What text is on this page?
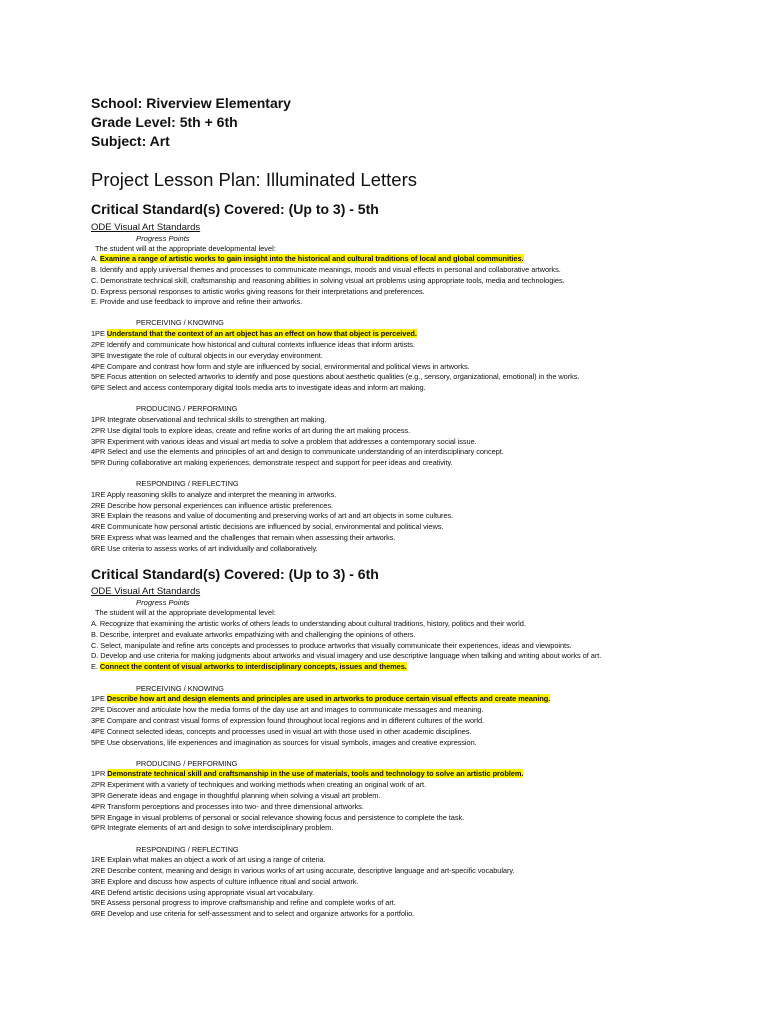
School: Riverview Elementary
Grade Level: 5th + 6th
Subject: Art
Project Lesson Plan: Illuminated Letters
Critical Standard(s) Covered: (Up to 3) - 5th
ODE Visual Art Standards
Progress Points
The student will at the appropriate developmental level:
A. Examine a range of artistic works to gain insight into the historical and cultural traditions of local and global communities.
B. Identify and apply universal themes and processes to communicate meanings, moods and visual effects in personal and collaborative artworks.
C. Demonstrate technical skill, craftsmanship and reasoning abilities in solving visual art problems using appropriate tools, media and technologies.
D. Express personal responses to artistic works giving reasons for their interpretations and preferences.
E. Provide and use feedback to improve and refine their artworks.
PERCEIVING / KNOWING
1PE Understand that the context of an art object has an effect on how that object is perceived.
2PE Identify and communicate how historical and cultural contexts influence ideas that inform artists.
3PE Investigate the role of cultural objects in our everyday environment.
4PE Compare and contrast how form and style are influenced by social, environmental and political views in artworks.
5PE Focus attention on selected artworks to identify and pose questions about aesthetic qualities (e.g., sensory, organizational, emotional) in the works.
6PE Select and access contemporary digital tools media arts to investigate ideas and inform art making.
PRODUCING / PERFORMING
1PR Integrate observational and technical skills to strengthen art making.
2PR Use digital tools to explore ideas, create and refine works of art during the art making process.
3PR Experiment with various ideas and visual art media to solve a problem that addresses a contemporary social issue.
4PR Select and use the elements and principles of art and design to communicate understanding of an interdisciplinary concept.
5PR During collaborative art making experiences, demonstrate respect and support for peer ideas and creativity.
RESPONDING / REFLECTING
1RE Apply reasoning skills to analyze and interpret the meaning in artworks.
2RE Describe how personal experiences can influence artistic preferences.
3RE Explain the reasons and value of documenting and preserving works of art and art objects in some cultures.
4RE Communicate how personal artistic decisions are influenced by social, environmental and political views.
5RE Express what was learned and the challenges that remain when assessing their artworks.
6RE Use criteria to assess works of art individually and collaboratively.
Critical Standard(s) Covered: (Up to 3) - 6th
ODE Visual Art Standards
Progress Points
The student will at the appropriate developmental level:
A. Recognize that examining the artistic works of others leads to understanding about cultural traditions, history, politics and their world.
B. Describe, interpret and evaluate artworks empathizing with and challenging the opinions of others.
C. Select, manipulate and refine arts concepts and processes to produce artworks that visually communicate their experiences, ideas and viewpoints.
D. Develop and use criteria for making judgments about artworks and visual imagery and use descriptive language when talking and writing about works of art.
E. Connect the content of visual artworks to interdisciplinary concepts, issues and themes.
PERCEIVING / KNOWING
1PE Describe how art and design elements and principles are used in artworks to produce certain visual effects and create meaning.
2PE Discover and articulate how the media forms of the day use art and images to communicate messages and meaning.
3PE Compare and contrast visual forms of expression found throughout local regions and in different cultures of the world.
4PE Connect selected ideas, concepts and processes used in visual art with those used in other academic disciplines.
5PE Use observations, life experiences and imagination as sources for visual symbols, images and creative expression.
PRODUCING / PERFORMING
1PR Demonstrate technical skill and craftsmanship in the use of materials, tools and technology to solve an artistic problem.
2PR Experiment with a variety of techniques and working methods when creating an original work of art.
3PR Generate ideas and engage in thoughtful planning when solving a visual art problem.
4PR Transform perceptions and processes into two- and three dimensional artworks.
5PR Engage in visual problems of personal or social relevance showing focus and persistence to complete the task.
6PR Integrate elements of art and design to solve interdisciplinary problem.
RESPONDING / REFLECTING
1RE Explain what makes an object a work of art using a range of criteria.
2RE Describe content, meaning and design in various works of art using accurate, descriptive language and art-specific vocabulary.
3RE Explore and discuss how aspects of culture influence ritual and social artwork.
4RE Defend artistic decisions using appropriate visual art vocabulary.
5RE Assess personal progress to improve craftsmanship and refine and complete works of art.
6RE Develop and use criteria for self-assessment and to select and organize artworks for a portfolio.
